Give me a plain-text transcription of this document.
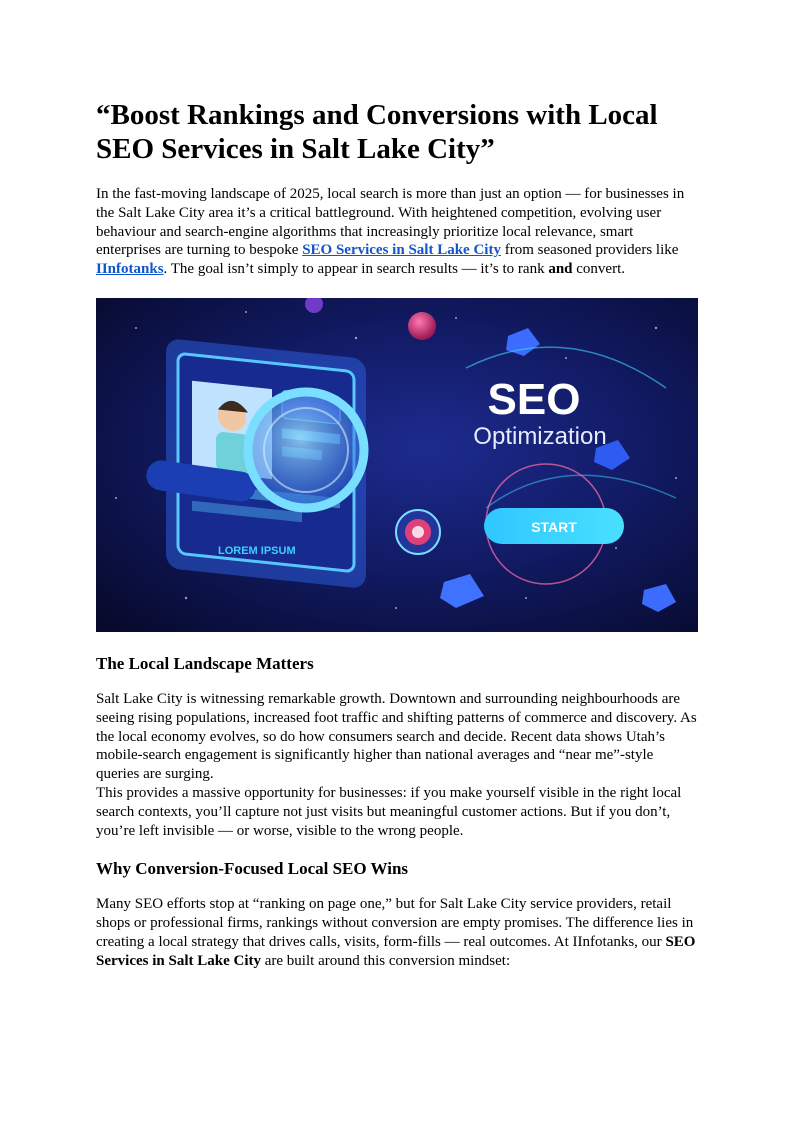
“Boost Rankings and Conversions with Local SEO Services in Salt Lake City”

In the fast-moving landscape of 2025, local search is more than just an option — for businesses in the Salt Lake City area it’s a critical battleground. With heightened competition, evolving user behaviour and search-engine algorithms that increasingly prioritize local relevance, smart enterprises are turning to bespoke SEO Services in Salt Lake City from seasoned providers like IInfotanks. The goal isn’t simply to appear in search results — it’s to rank and convert.

LOREM IPSUM
SEO
Optimization
START
The Local Landscape Matters

Salt Lake City is witnessing remarkable growth. Downtown and surrounding neighbourhoods are seeing rising populations, increased foot traffic and shifting patterns of commerce and discovery. As the local economy evolves, so do how consumers search and decide. Recent data shows Utah’s mobile-search engagement is significantly higher than national averages and “near me”-style queries are surging.

This provides a massive opportunity for businesses: if you make yourself visible in the right local search contexts, you’ll capture not just visits but meaningful customer actions. But if you don’t, you’re left invisible — or worse, visible to the wrong people.

Why Conversion-Focused Local SEO Wins

Many SEO efforts stop at “ranking on page one,” but for Salt Lake City service providers, retail shops or professional firms, rankings without conversion are empty promises. The difference lies in creating a local strategy that drives calls, visits, form-fills — real outcomes. At IInfotanks, our SEO Services in Salt Lake City are built around this conversion mindset:
